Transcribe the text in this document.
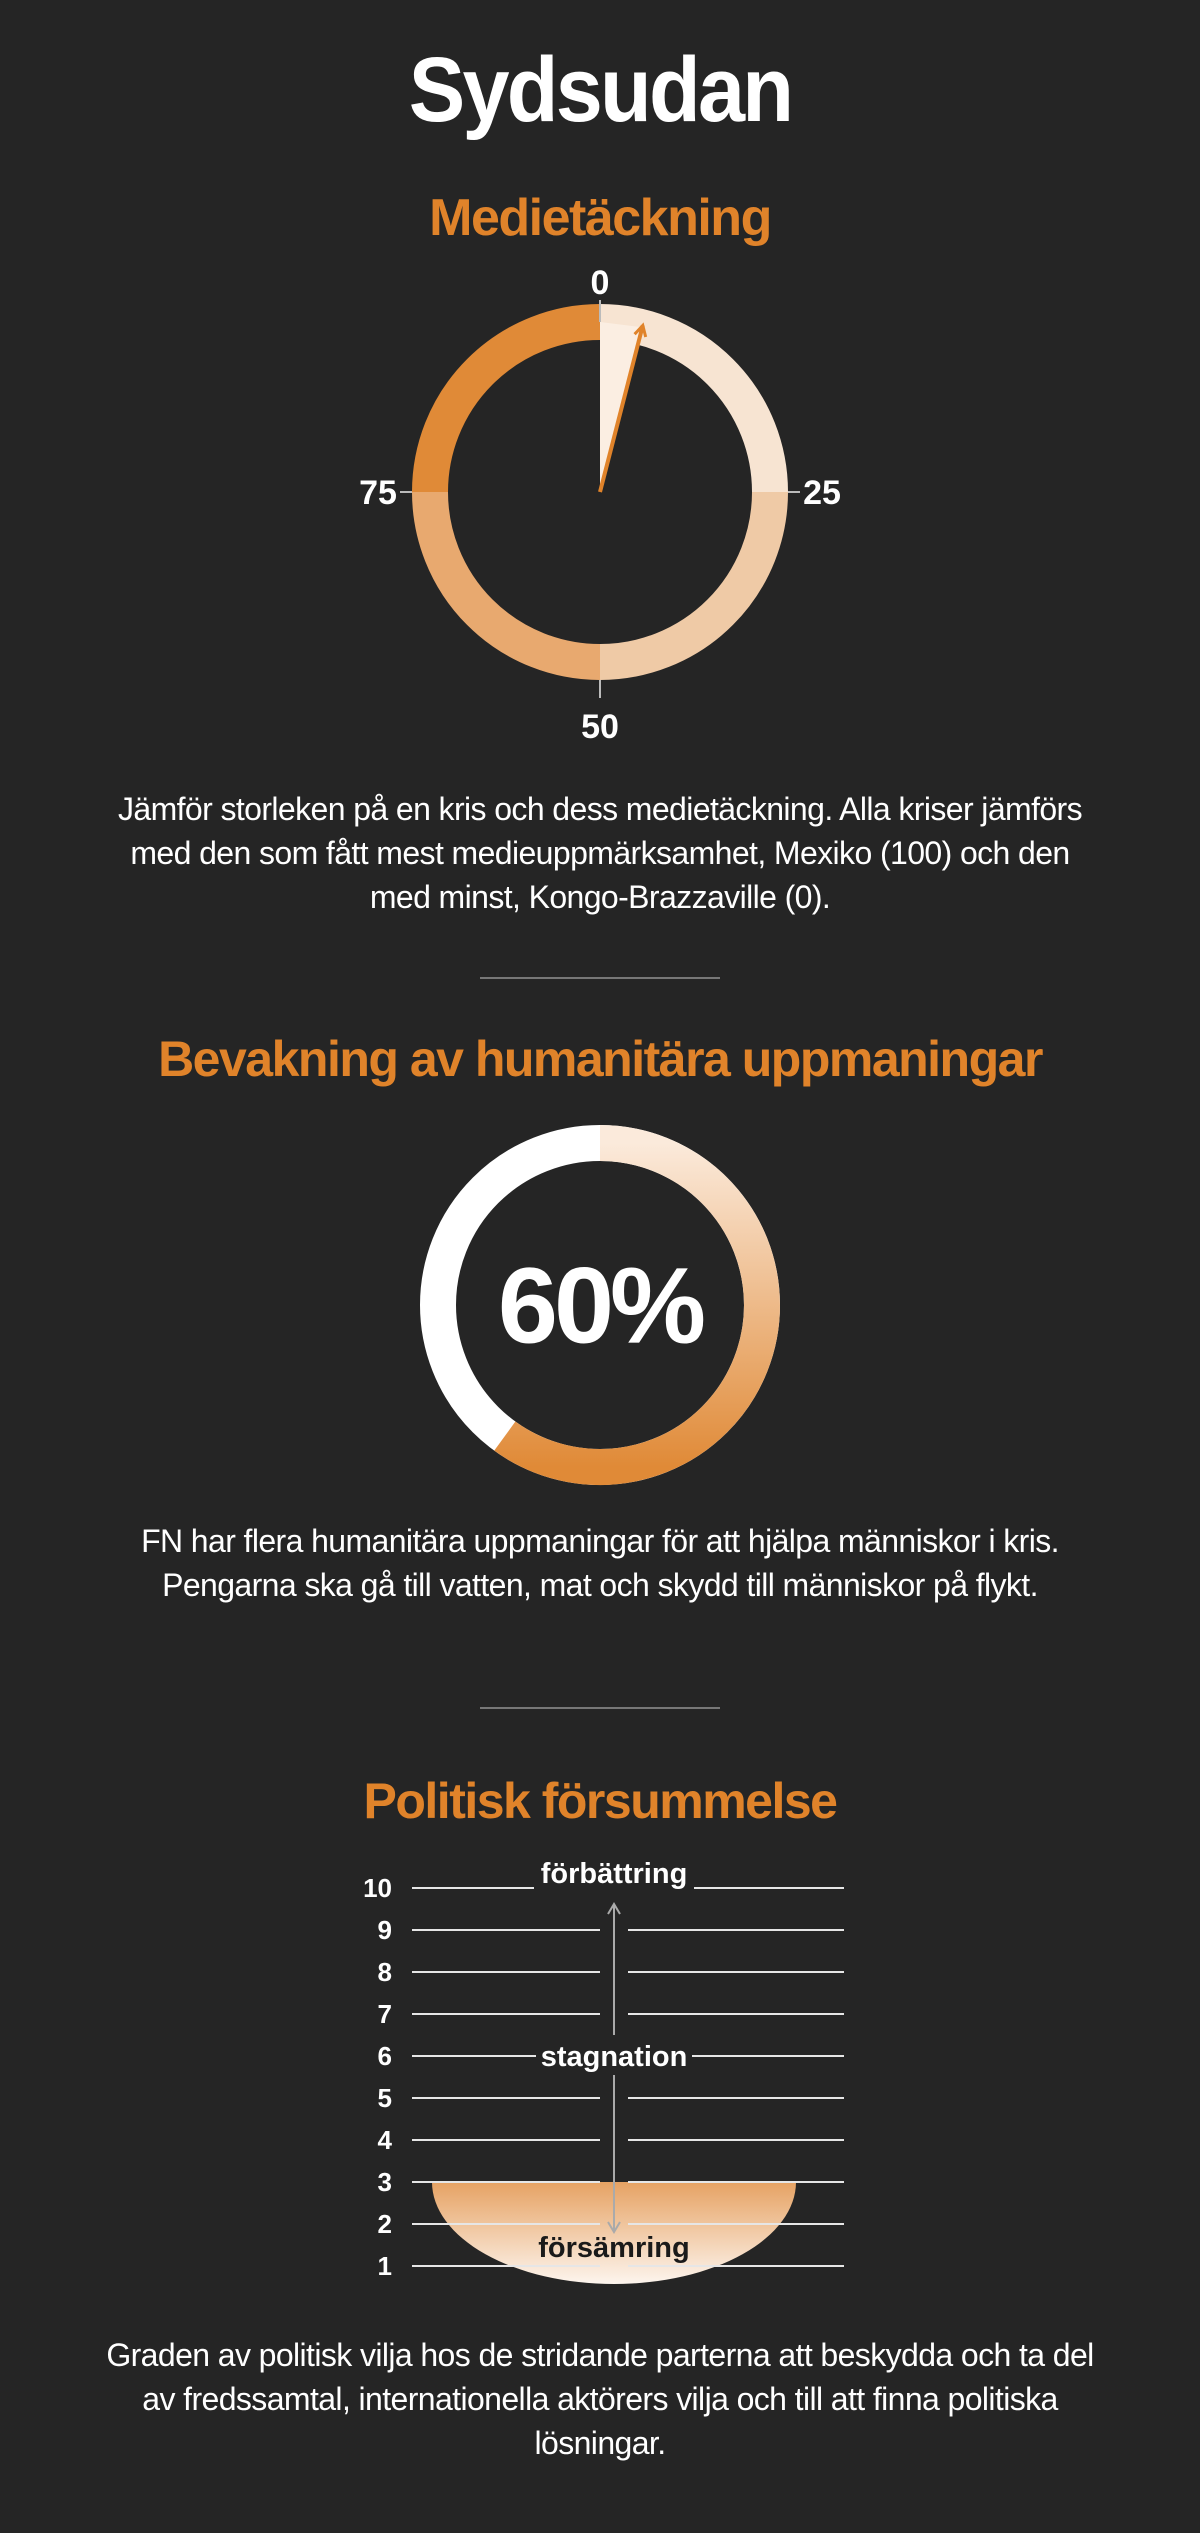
Sydsudan
Medietäckning
0
25
50
75
Jämför storleken på en kris och dess medietäckning. Alla kriser jämförs med den som fått mest medieuppmärksamhet, Mexiko (100) och den med minst, Kongo-Brazzaville (0).
Bevakning av humanitära uppmaningar
60%
FN har flera humanitära uppmaningar för att hjälpa människor i kris. Pengarna ska gå till vatten, mat och skydd till människor på flykt.
Politisk försummelse
10
9
8
7
6
5
4
3
2
1
förbättring
stagnation
försämring
Graden av politisk vilja hos de stridande parterna att beskydda och ta del av fredssamtal, internationella aktörers vilja och till att finna politiska lösningar.
